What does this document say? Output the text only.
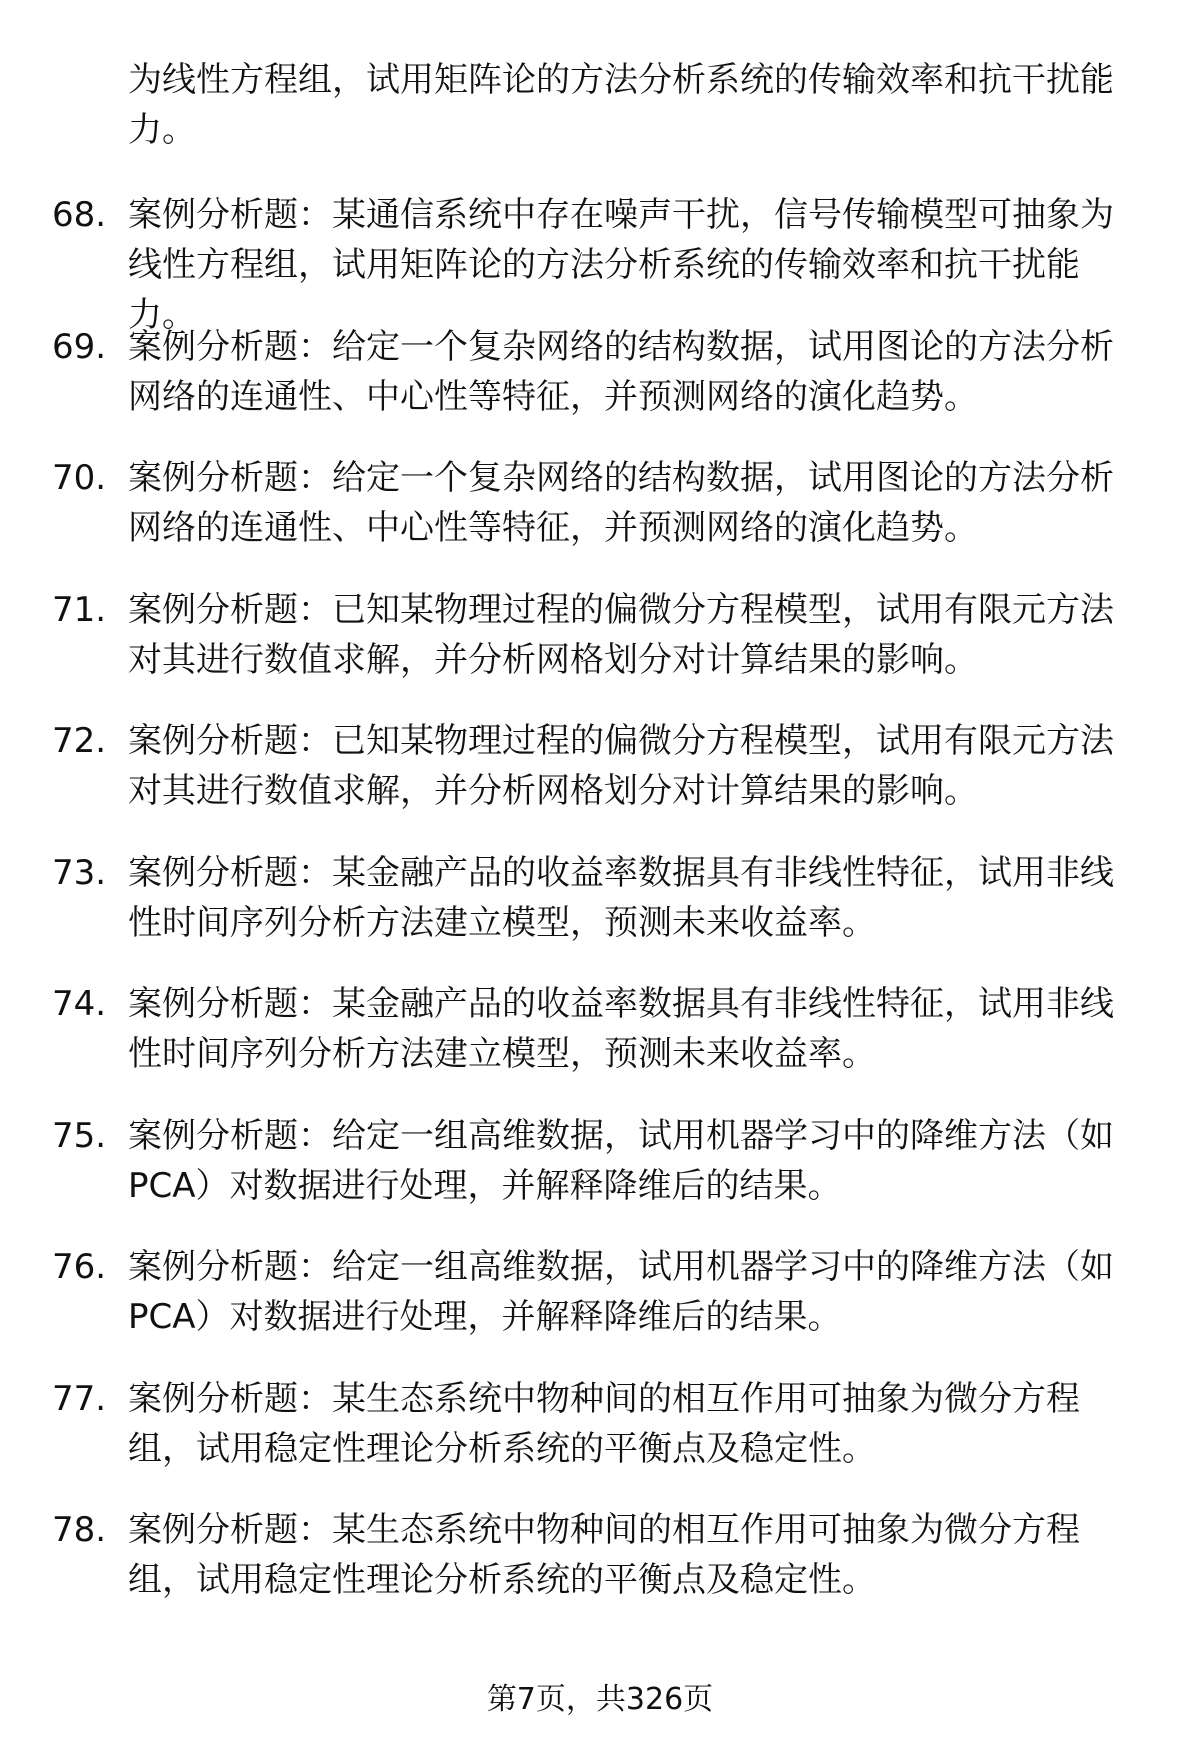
为线性方程组，试用矩阵论的方法分析系统的传输效率和抗干扰能力。
68. 案例分析题：某通信系统中存在噪声干扰，信号传输模型可抽象为线性方程组，试用矩阵论的方法分析系统的传输效率和抗干扰能力。
69. 案例分析题：给定一个复杂网络的结构数据，试用图论的方法分析网络的连通性、中心性等特征，并预测网络的演化趋势。
70. 案例分析题：给定一个复杂网络的结构数据，试用图论的方法分析网络的连通性、中心性等特征，并预测网络的演化趋势。
71. 案例分析题：已知某物理过程的偏微分方程模型，试用有限元方法对其进行数值求解，并分析网格划分对计算结果的影响。
72. 案例分析题：已知某物理过程的偏微分方程模型，试用有限元方法对其进行数值求解，并分析网格划分对计算结果的影响。
73. 案例分析题：某金融产品的收益率数据具有非线性特征，试用非线性时间序列分析方法建立模型，预测未来收益率。
74. 案例分析题：某金融产品的收益率数据具有非线性特征，试用非线性时间序列分析方法建立模型，预测未来收益率。
75. 案例分析题：给定一组高维数据，试用机器学习中的降维方法（如PCA）对数据进行处理，并解释降维后的结果。
76. 案例分析题：给定一组高维数据，试用机器学习中的降维方法（如PCA）对数据进行处理，并解释降维后的结果。
77. 案例分析题：某生态系统中物种间的相互作用可抽象为微分方程组，试用稳定性理论分析系统的平衡点及稳定性。
78. 案例分析题：某生态系统中物种间的相互作用可抽象为微分方程组，试用稳定性理论分析系统的平衡点及稳定性。
第7页，共326页
